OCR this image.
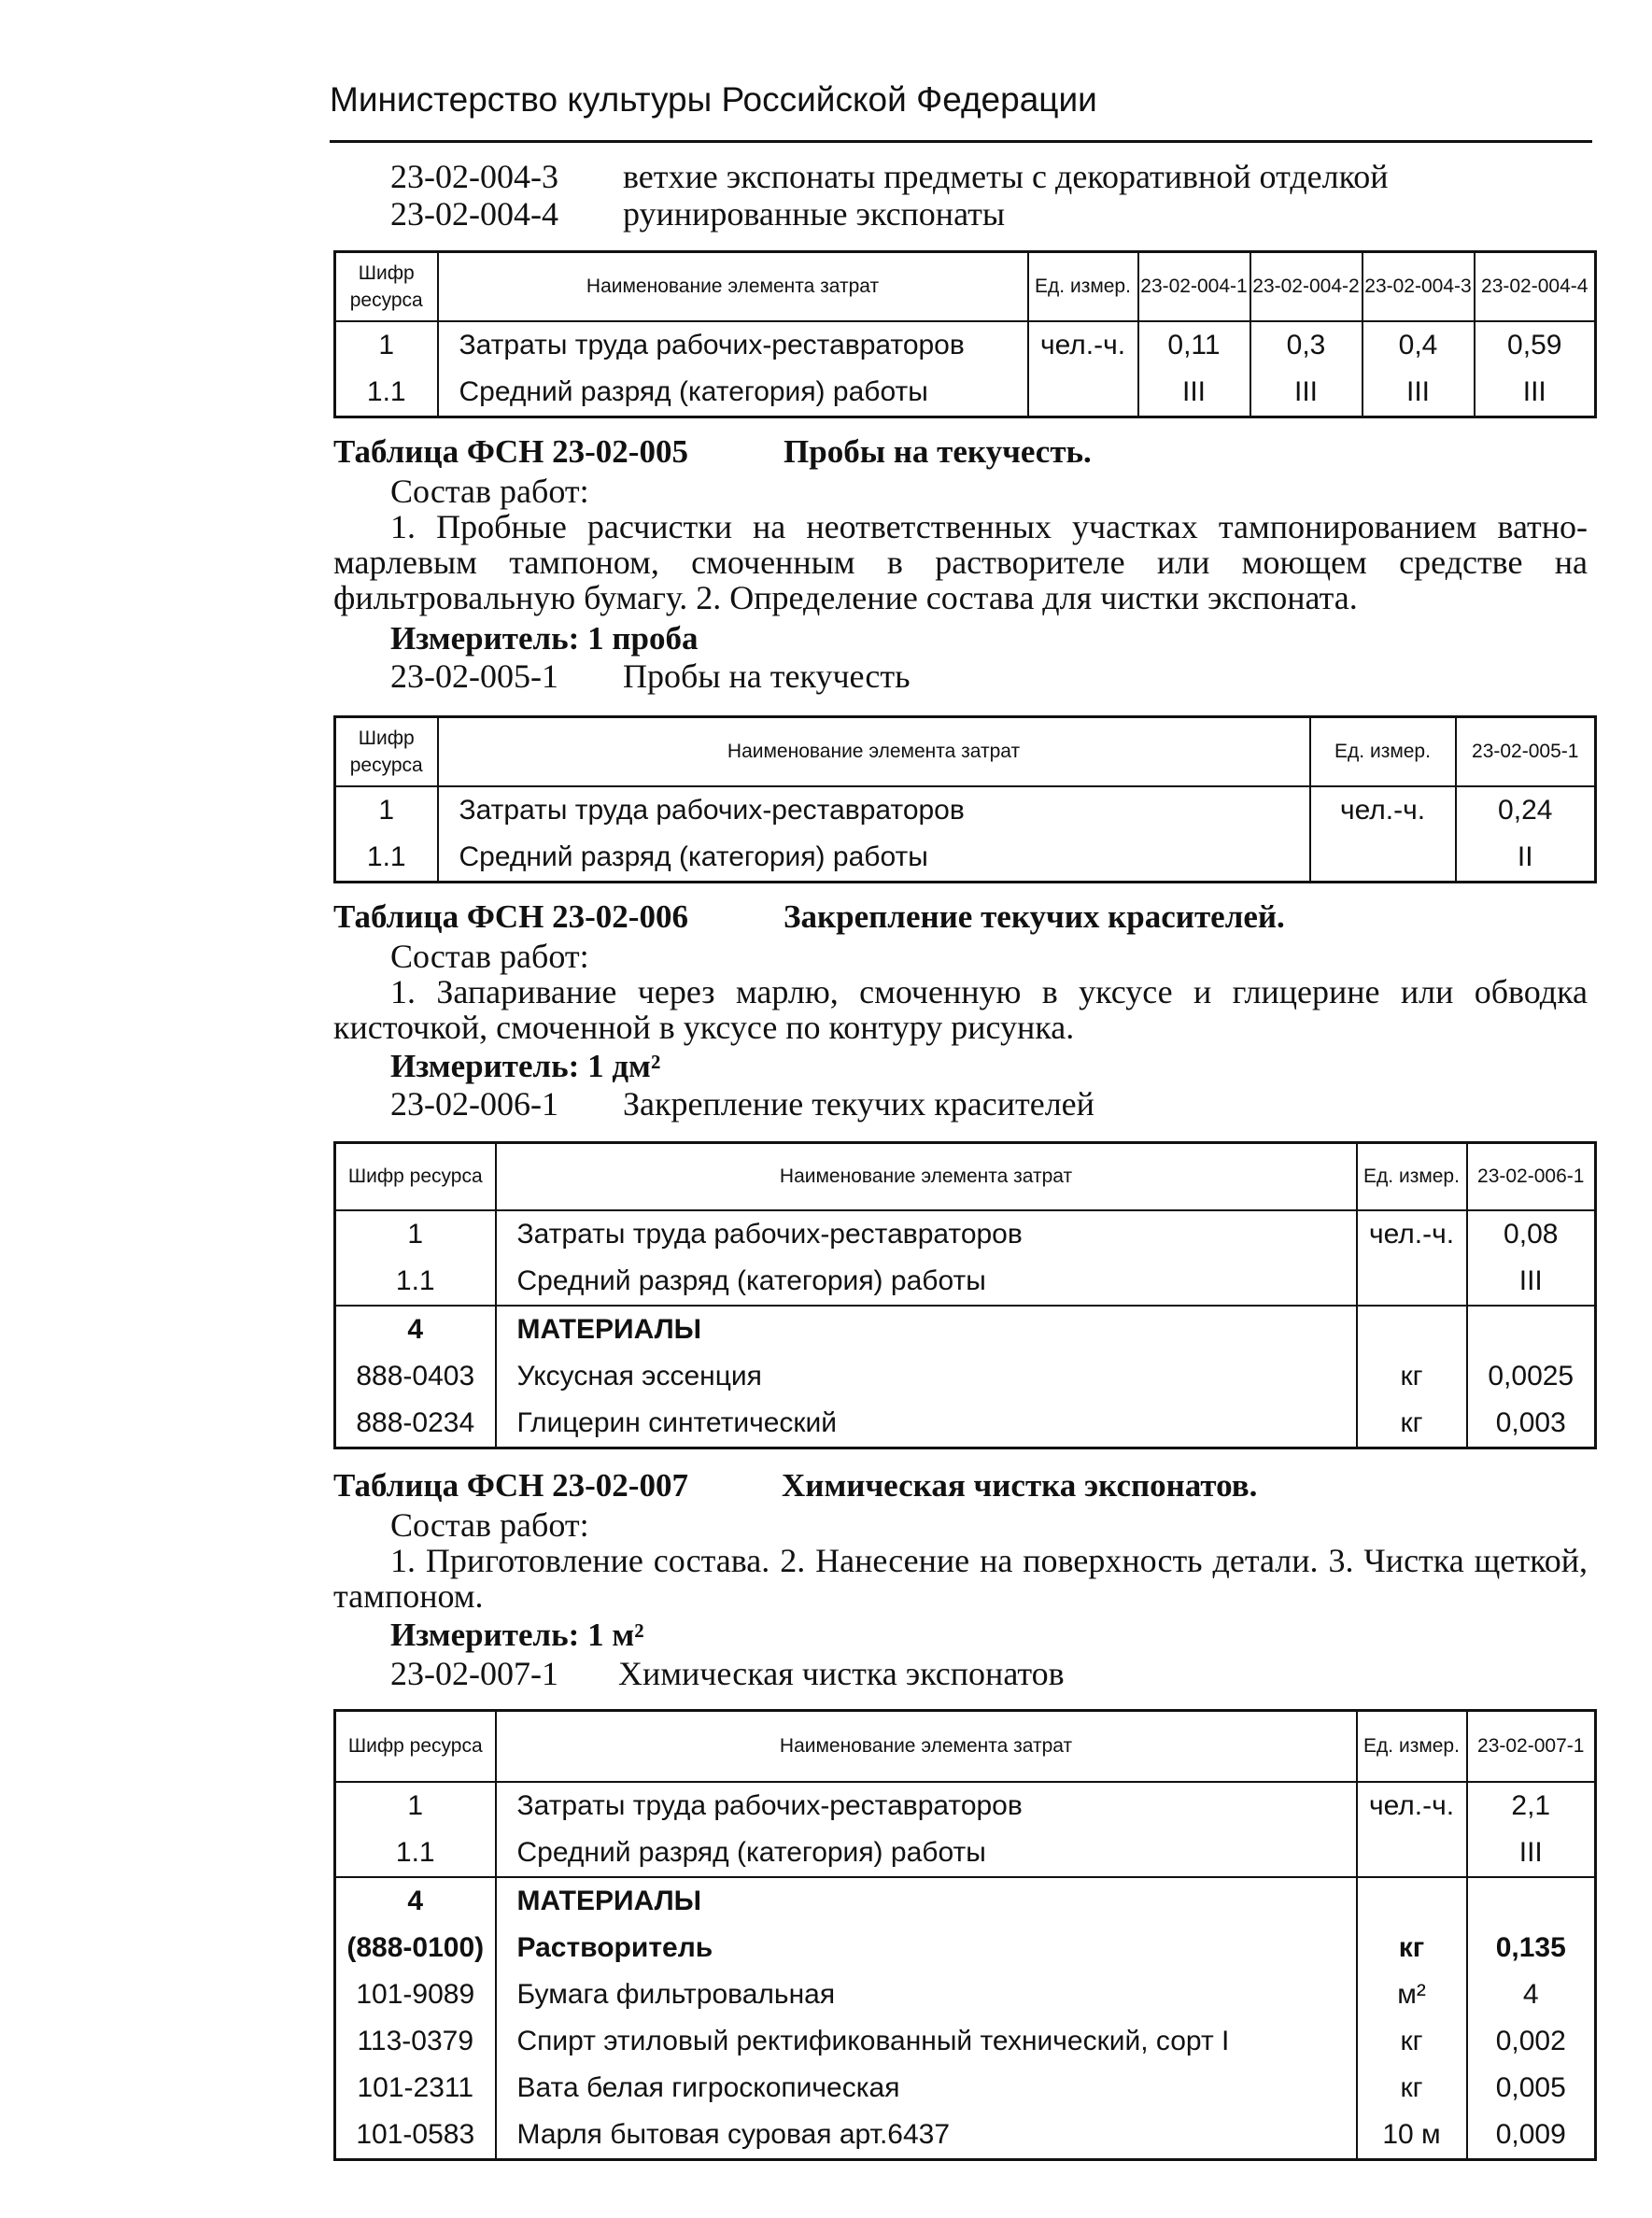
Министерство культуры Российской Федерации
23-02-004-3 ветхие экспонаты предметы с декоративной отделкой
23-02-004-4 руинированные экспонаты
Шифр ресурса	Наименование элемента затрат	Ед. измер.	23-02-004-1	23-02-004-2	23-02-004-3	23-02-004-4
1	Затраты труда рабочих-реставраторов	чел.-ч.	0,11	0,3	0,4	0,59
1.1	Средний разряд (категория) работы		III	III	III	III
Таблица ФСН 23-02-005	Пробы на текучесть.
Состав работ:
1. Пробные расчистки на неответственных участках тампонированием ватно-марлевым тампоном, смоченным в растворителе или моющем средстве на фильтровальную бумагу. 2. Определение состава для чистки экспоната.
Измеритель: 1 проба
23-02-005-1 Пробы на текучесть
Шифр ресурса	Наименование элемента затрат	Ед. измер.	23-02-005-1
1	Затраты труда рабочих-реставраторов	чел.-ч.	0,24
1.1	Средний разряд (категория) работы		II
Таблица ФСН 23-02-006	Закрепление текучих красителей.
Состав работ:
1. Запаривание через марлю, смоченную в уксусе и глицерине или обводка кисточкой, смоченной в уксусе по контуру рисунка.
Измеритель: 1 дм²
23-02-006-1 Закрепление текучих красителей
Шифр ресурса	Наименование элемента затрат	Ед. измер.	23-02-006-1
1	Затраты труда рабочих-реставраторов	чел.-ч.	0,08
1.1	Средний разряд (категория) работы		III
4	МАТЕРИАЛЫ		
888-0403	Уксусная эссенция	кг	0,0025
888-0234	Глицерин синтетический	кг	0,003
Таблица ФСН 23-02-007	Химическая чистка экспонатов.
Состав работ:
1. Приготовление состава. 2. Нанесение на поверхность детали. 3. Чистка щеткой, тампоном.
Измеритель: 1 м²
23-02-007-1 Химическая чистка экспонатов
Шифр ресурса	Наименование элемента затрат	Ед. измер.	23-02-007-1
1	Затраты труда рабочих-реставраторов	чел.-ч.	2,1
1.1	Средний разряд (категория) работы		III
4	МАТЕРИАЛЫ		
(888-0100)	Растворитель	кг	0,135
101-9089	Бумага фильтровальная	м²	4
113-0379	Спирт этиловый ректификованный технический, сорт I	кг	0,002
101-2311	Вата белая гигроскопическая	кг	0,005
101-0583	Марля бытовая суровая арт.6437	10 м	0,009
